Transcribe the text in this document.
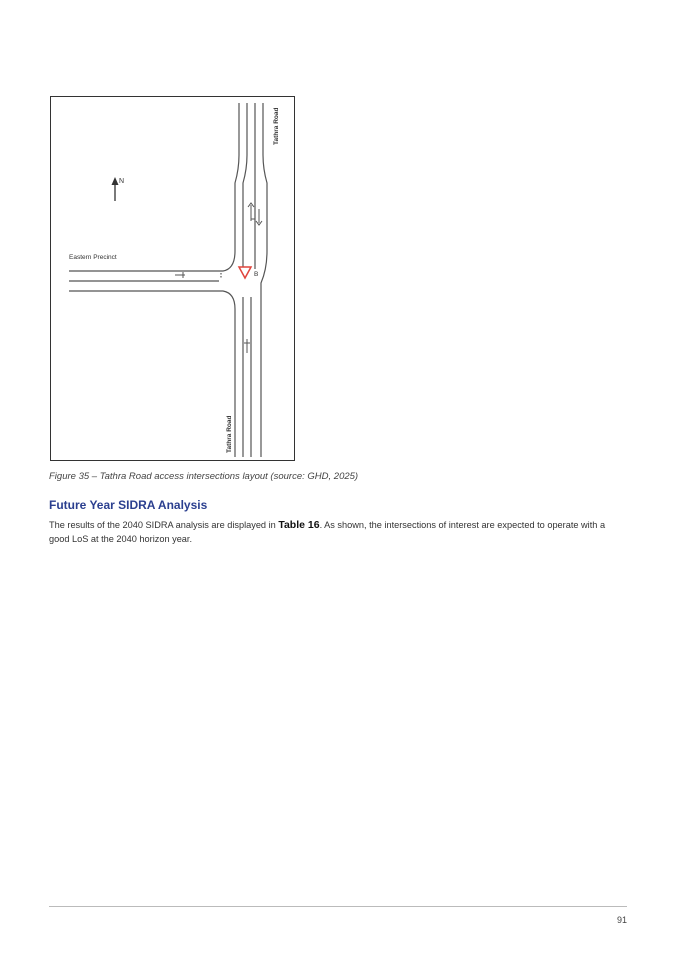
N
B
Eastern Precinct
Tathra Road
Tathra Road
Figure 35 – Tathra Road access intersections layout (source: GHD, 2025)
Future Year SIDRA Analysis

The results of the 2040 SIDRA analysis are displayed in Table 16. As shown, the intersections of interest are expected to operate with a good LoS at the 2040 horizon year.

91
